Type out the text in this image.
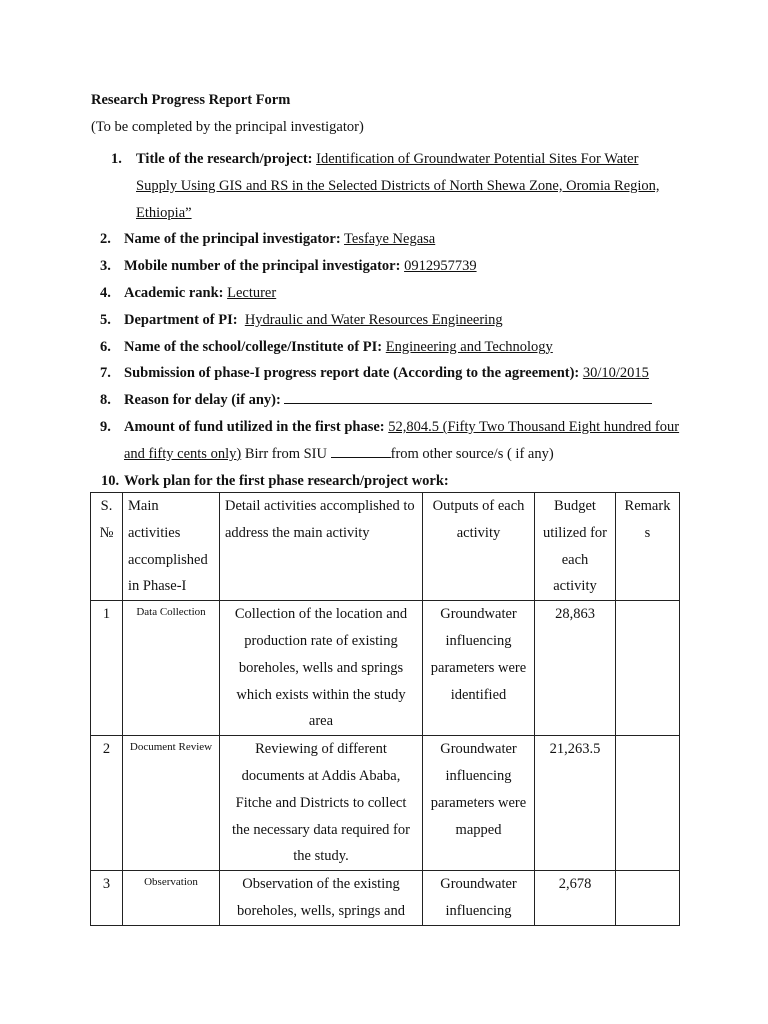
Research Progress Report Form
(To be completed by the principal investigator)
1. Title of the research/project: Identification of Groundwater Potential Sites For Water Supply Using GIS and RS in the Selected Districts of North Shewa Zone, Oromia Region, Ethiopia”
2. Name of the principal investigator: Tesfaye Negasa
3. Mobile number of the principal investigator: 0912957739
4. Academic rank: Lecturer
5. Department of PI: Hydraulic and Water Resources Engineering
6. Name of the school/college/Institute of PI: Engineering and Technology
7. Submission of phase-I progress report date (According to the agreement): 30/10/2015
8. Reason for delay (if any):
9. Amount of fund utilized in the first phase: 52,804.5 (Fifty Two Thousand Eight hundred four and fifty cents only) Birr from SIU	from other source/s ( if any)
10. Work plan for the first phase research/project work:
S. №	Main activities accomplished in Phase-I	Detail activities accomplished to address the main activity	Outputs of each activity	Budget utilized for each activity	Remark s
1	Data Collection	Collection of the location and production rate of existing boreholes, wells and springs which exists within the study area	Groundwater influencing parameters were identified	28,863	
2	Document Review	Reviewing of different documents at Addis Ababa, Fitche and Districts to collect the necessary data required for the study.	Groundwater influencing parameters were mapped	21,263.5	
3	Observation	Observation of the existing boreholes, wells, springs and	Groundwater influencing	2,678	
